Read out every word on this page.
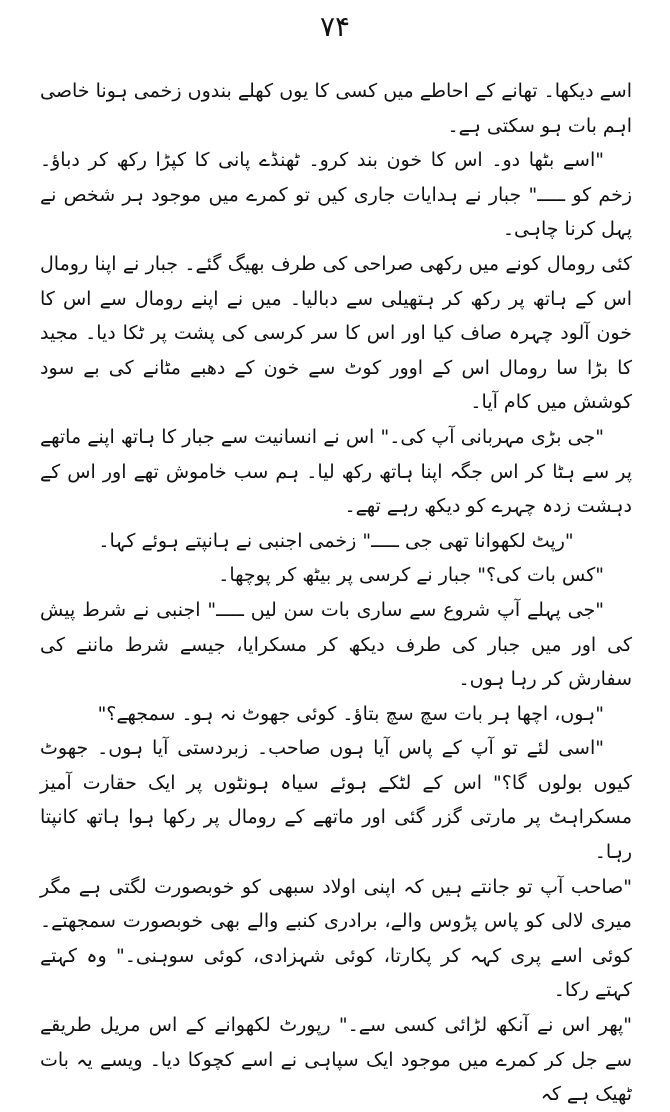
۷۴

اسے دیکھا۔ تھانے کے احاطے میں کسی کا یوں کھلے بندوں زخمی ہونا خاصی اہم بات ہو سکتی ہے۔

"اسے بٹھا دو۔ اس کا خون بند کرو۔ ٹھنڈے پانی کا کپڑا رکھ کر دباؤ۔ زخم کو ـــــ" جبار نے ہدایات جاری کیں تو کمرے میں موجود ہر شخص نے پہل کرنا چاہی۔

کئی رومال کونے میں رکھی صراحی کی طرف بھیگ گئے۔ جبار نے اپنا رومال اس کے ہاتھ پر رکھ کر ہتھیلی سے دبالیا۔ میں نے اپنے رومال سے اس کا خون آلود چہرہ صاف کیا اور اس کا سر کرسی کی پشت پر ٹکا دیا۔ مجید کا بڑا سا رومال اس کے اوور کوٹ سے خون کے دھبے مٹانے کی بے سود کوشش میں کام آیا۔

"جی بڑی مہربانی آپ کی۔" اس نے انسانیت سے جبار کا ہاتھ اپنے ماتھے پر سے ہٹا کر اس جگہ اپنا ہاتھ رکھ لیا۔ ہم سب خاموش تھے اور اس کے دہشت زدہ چہرے کو دیکھ رہے تھے۔

"رپٹ لکھوانا تھی جی ـــــ" زخمی اجنبی نے ہانپتے ہوئے کہا۔

"کس بات کی؟" جبار نے کرسی پر بیٹھ کر پوچھا۔

"جی پہلے آپ شروع سے ساری بات سن لیں ـــــ" اجنبی نے شرط پیش کی اور میں جبار کی طرف دیکھ کر مسکرایا، جیسے شرط ماننے کی سفارش کر رہا ہوں۔

"ہوں، اچھا ہر بات سچ سچ بتاؤ۔ کوئی جھوٹ نہ ہو۔ سمجھے؟"

"اسی لئے تو آپ کے پاس آیا ہوں صاحب۔ زبردستی آیا ہوں۔ جھوٹ کیوں بولوں گا؟" اس کے لٹکے ہوئے سیاہ ہونٹوں پر ایک حقارت آمیز مسکراہٹ پر مارتی گزر گئی اور ماتھے کے رومال پر رکھا ہوا ہاتھ کانپتا رہا۔

"صاحب آپ تو جانتے ہیں کہ اپنی اولاد سبھی کو خوبصورت لگتی ہے مگر میری لالی کو پاس پڑوس والے، برادری کنبے والے بھی خوبصورت سمجھتے۔ کوئی اسے پری کہہ کر پکارتا، کوئی شہزادی، کوئی سوہنی۔" وہ کہتے کہتے رکا۔

"پھر اس نے آنکھ لڑائی کسی سے۔" رپورٹ لکھوانے کے اس مریل طریقے سے جل کر کمرے میں موجود ایک سپاہی نے اسے کچوکا دیا۔ ویسے یہ بات ٹھیک ہے کہ
